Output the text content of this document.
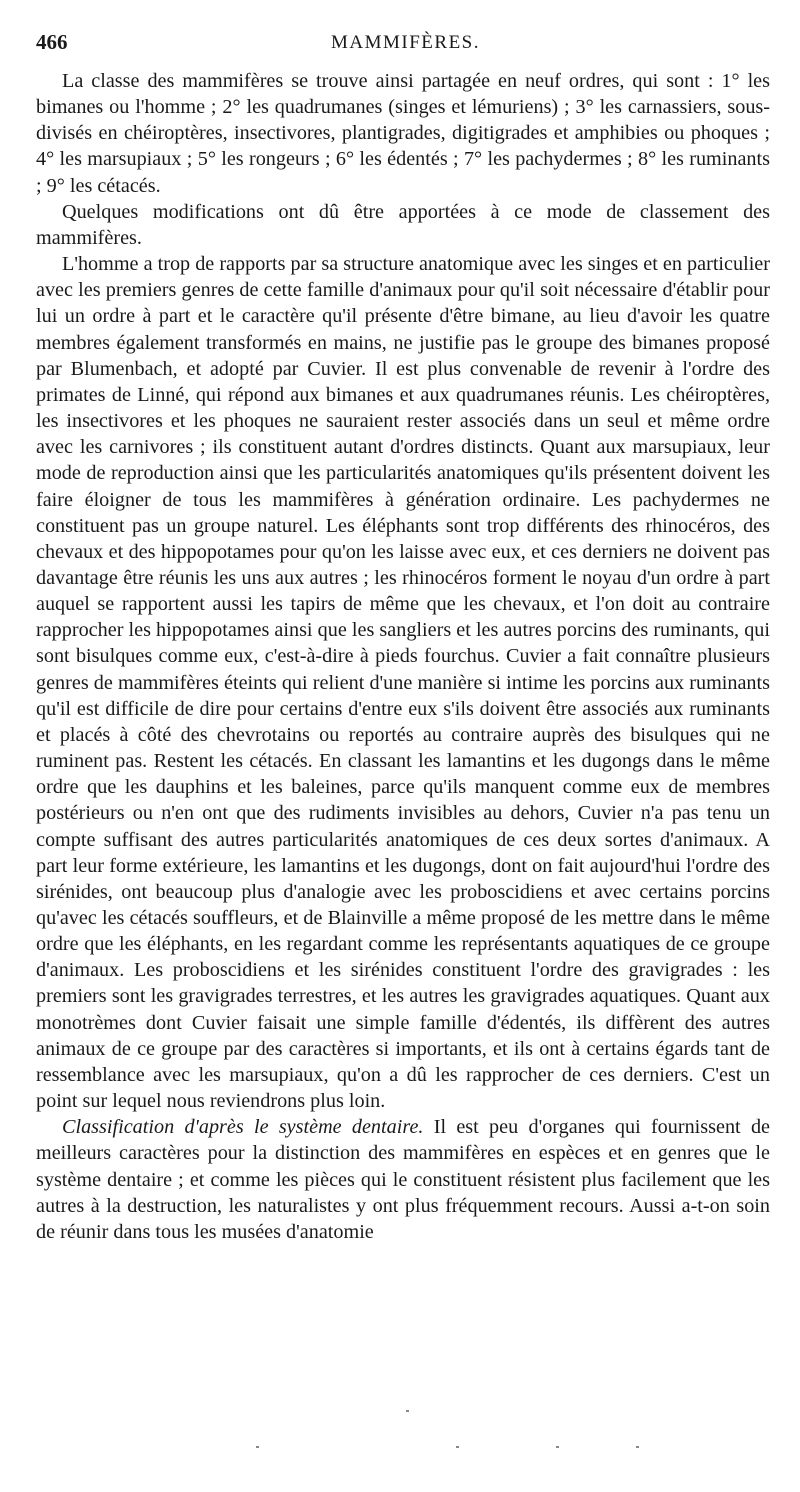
466	MAMMIFÈRES.

La classe des mammifères se trouve ainsi partagée en neuf ordres, qui sont : 1° les bimanes ou l'homme ; 2° les quadrumanes (singes et lémuriens) ; 3° les carnassiers, sous-divisés en chéiroptères, insectivores, plantigrades, digitigrades et amphibies ou phoques ; 4° les marsupiaux ; 5° les rongeurs ; 6° les édentés ; 7° les pachydermes ; 8° les ruminants ; 9° les cétacés.

Quelques modifications ont dû être apportées à ce mode de classement des mammifères.

L'homme a trop de rapports par sa structure anatomique avec les singes et en particulier avec les premiers genres de cette famille d'animaux pour qu'il soit nécessaire d'établir pour lui un ordre à part et le caractère qu'il présente d'être bimane, au lieu d'avoir les quatre membres également transformés en mains, ne justifie pas le groupe des bimanes proposé par Blumenbach, et adopté par Cuvier. Il est plus convenable de revenir à l'ordre des primates de Linné, qui répond aux bimanes et aux quadrumanes réunis. Les chéiroptères, les insectivores et les phoques ne sauraient rester associés dans un seul et même ordre avec les carnivores ; ils constituent autant d'ordres distincts. Quant aux marsupiaux, leur mode de reproduction ainsi que les particularités anatomiques qu'ils présentent doivent les faire éloigner de tous les mammifères à génération ordinaire. Les pachydermes ne constituent pas un groupe naturel. Les éléphants sont trop différents des rhinocéros, des chevaux et des hippopotames pour qu'on les laisse avec eux, et ces derniers ne doivent pas davantage être réunis les uns aux autres ; les rhinocéros forment le noyau d'un ordre à part auquel se rapportent aussi les tapirs de même que les chevaux, et l'on doit au contraire rapprocher les hippopotames ainsi que les sangliers et les autres porcins des ruminants, qui sont bisulques comme eux, c'est-à-dire à pieds fourchus. Cuvier a fait connaître plusieurs genres de mammifères éteints qui relient d'une manière si intime les porcins aux ruminants qu'il est difficile de dire pour certains d'entre eux s'ils doivent être associés aux ruminants et placés à côté des chevrotains ou reportés au contraire auprès des bisulques qui ne ruminent pas. Restent les cétacés. En classant les lamantins et les dugongs dans le même ordre que les dauphins et les baleines, parce qu'ils manquent comme eux de membres postérieurs ou n'en ont que des rudiments invisibles au dehors, Cuvier n'a pas tenu un compte suffisant des autres particularités anatomiques de ces deux sortes d'animaux. A part leur forme extérieure, les lamantins et les dugongs, dont on fait aujourd'hui l'ordre des sirénides, ont beaucoup plus d'analogie avec les proboscidiens et avec certains porcins qu'avec les cétacés souffleurs, et de Blainville a même proposé de les mettre dans le même ordre que les éléphants, en les regardant comme les représentants aquatiques de ce groupe d'animaux. Les proboscidiens et les sirénides constituent l'ordre des gravigrades : les premiers sont les gravigrades terrestres, et les autres les gravigrades aquatiques. Quant aux monotrèmes dont Cuvier faisait une simple famille d'édentés, ils diffèrent des autres animaux de ce groupe par des caractères si importants, et ils ont à certains égards tant de ressemblance avec les marsupiaux, qu'on a dû les rapprocher de ces derniers. C'est un point sur lequel nous reviendrons plus loin.

Classification d'après le système dentaire. Il est peu d'organes qui fournissent de meilleurs caractères pour la distinction des mammifères en espèces et en genres que le système dentaire ; et comme les pièces qui le constituent résistent plus facilement que les autres à la destruction, les naturalistes y ont plus fréquemment recours. Aussi a-t-on soin de réunir dans tous les musées d'anatomie
